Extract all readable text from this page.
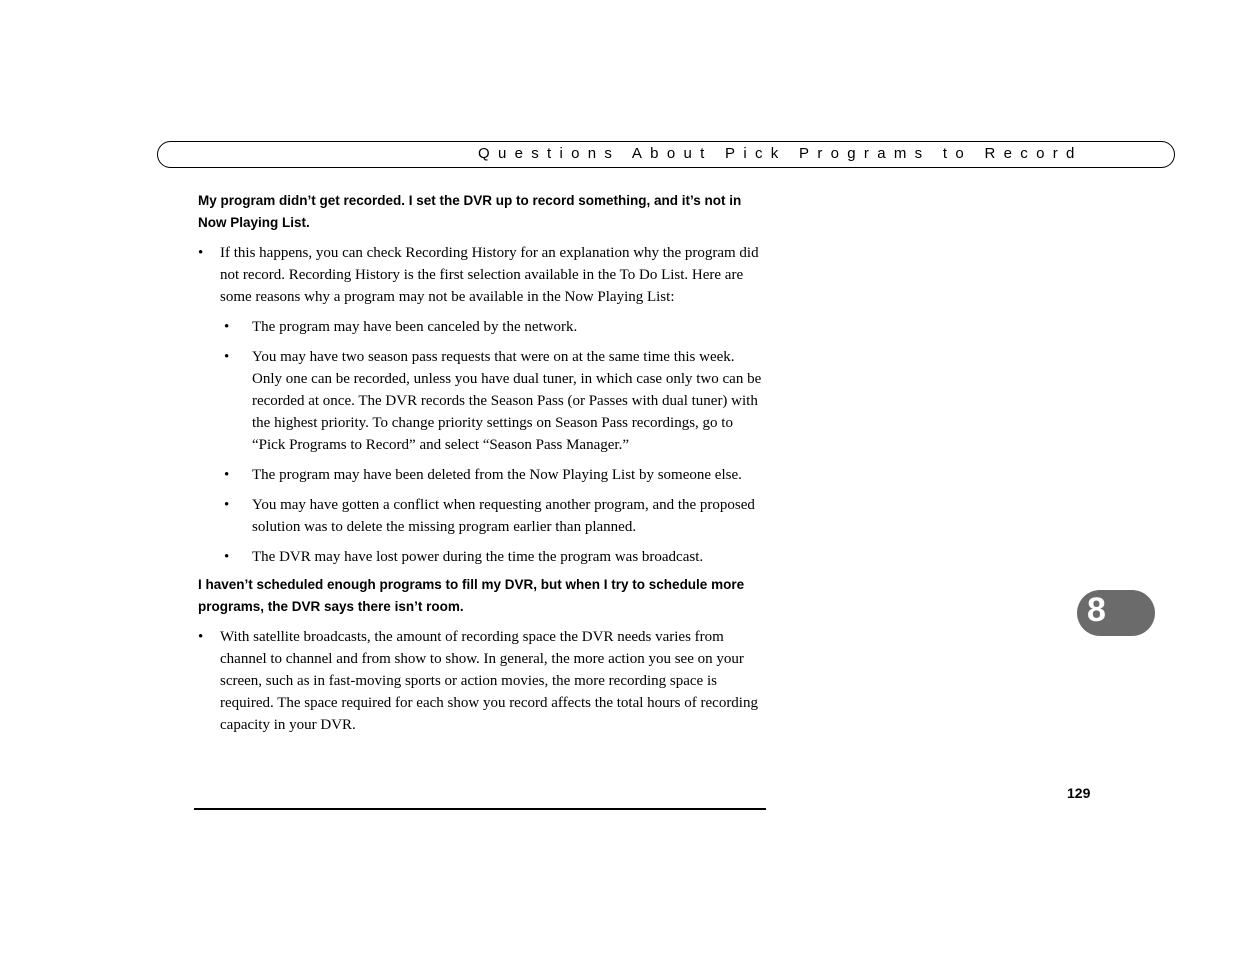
Questions About Pick Programs to Record

My program didn’t get recorded. I set the DVR up to record something, and it’s not in Now Playing List.

• If this happens, you can check Recording History for an explanation why the program did not record. Recording History is the first selection available in the To Do List. Here are some reasons why a program may not be available in the Now Playing List:
• The program may have been canceled by the network.
• You may have two season pass requests that were on at the same time this week. Only one can be recorded, unless you have dual tuner, in which case only two can be recorded at once. The DVR records the Season Pass (or Passes with dual tuner) with the highest priority. To change priority settings on Season Pass recordings, go to “Pick Programs to Record” and select “Season Pass Manager.”
• The program may have been deleted from the Now Playing List by someone else.
• You may have gotten a conflict when requesting another program, and the proposed solution was to delete the missing program earlier than planned.
• The DVR may have lost power during the time the program was broadcast.

I haven’t scheduled enough programs to fill my DVR, but when I try to schedule more programs, the DVR says there isn’t room.

• With satellite broadcasts, the amount of recording space the DVR needs varies from channel to channel and from show to show. In general, the more action you see on your screen, such as in fast-moving sports or action movies, the more recording space is required. The space required for each show you record affects the total hours of recording capacity in your DVR.
8
129
